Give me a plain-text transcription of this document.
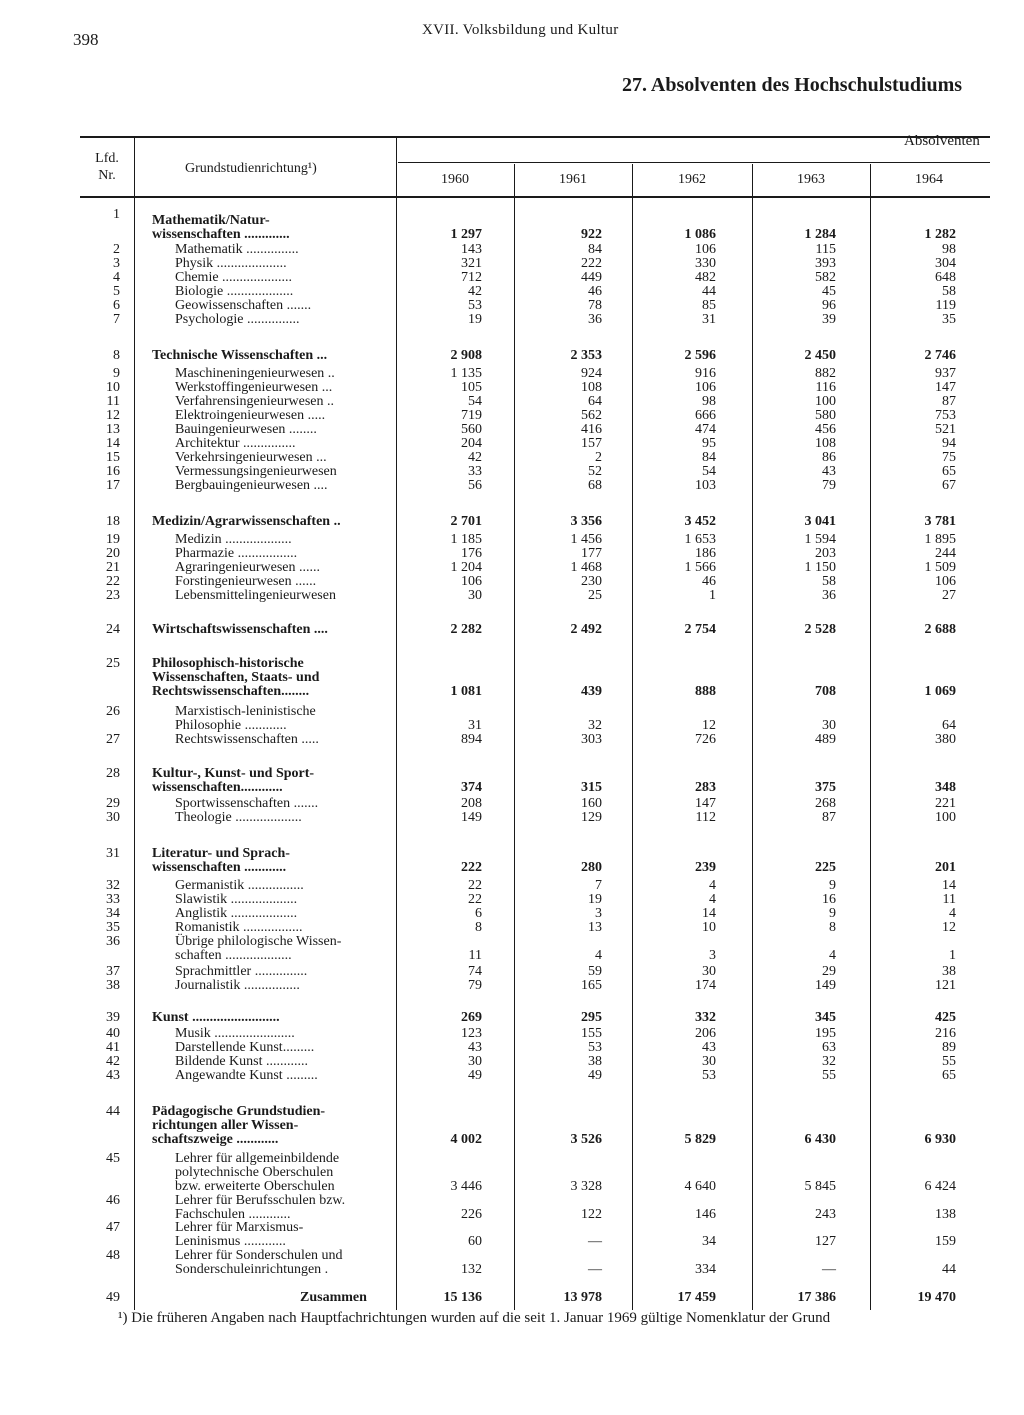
398	XVII. Volksbildung und Kultur
27. Absolventen des Hochschulstudiums
Lfd. Nr.	Grundstudienrichtung¹)
Absolventen
1960	1961	1962	1963	1964
1 Mathematik/Natur-
wissenschaften .............	1 297	922	1 086	1 284	1 282
2	Mathematik ...............	143	84	106	115	98
3	Physik ....................	321	222	330	393	304
4	Chemie ....................	712	449	482	582	648
5	Biologie ...................	42	46	44	45	58
6	Geowissenschaften .......	53	78	85	96	119
7	Psychologie ...............	19	36	31	39	35
8 Technische Wissenschaften ...	2 908	2 353	2 596	2 450	2 746
9	Maschineningenieurwesen ..	1 135	924	916	882	937
10	Werkstoffingenieurwesen ...	105	108	106	116	147
11	Verfahrensingenieurwesen ..	54	64	98	100	87
12	Elektroingenieurwesen .....	719	562	666	580	753
13	Bauingenieurwesen ........	560	416	474	456	521
14	Architektur ...............	204	157	95	108	94
15	Verkehrsingenieurwesen ...	42	2	84	86	75
16	Vermessungsingenieurwesen	33	52	54	43	65
17	Bergbauingenieurwesen ....	56	68	103	79	67
18 Medizin/Agrarwissenschaften ..	2 701	3 356	3 452	3 041	3 781
19	Medizin ...................	1 185	1 456	1 653	1 594	1 895
20	Pharmazie .................	176	177	186	203	244
21	Agraringenieurwesen ......	1 204	1 468	1 566	1 150	1 509
22	Forstingenieurwesen ......	106	230	46	58	106
23	Lebensmittelingenieurwesen	30	25	1	36	27
24 Wirtschaftswissenschaften ....	2 282	2 492	2 754	2 528	2 688
25 Philosophisch-historische
Wissenschaften, Staats- und
Rechtswissenschaften........	1 081	439	888	708	1 069
26	Marxistisch-leninistische
Philosophie ............	31	32	12	30	64
27	Rechtswissenschaften .....	894	303	726	489	380
28 Kultur-, Kunst- und Sport-
wissenschaften............	374	315	283	375	348
29	Sportwissenschaften .......	208	160	147	268	221
30	Theologie ...................	149	129	112	87	100
31 Literatur- und Sprach-
wissenschaften ............	222	280	239	225	201
32	Germanistik ................	22	7	4	9	14
33	Slawistik ...................	22	19	4	16	11
34	Anglistik ...................	6	3	14	9	4
35	Romanistik .................	8	13	10	8	12
36	Übrige philologische Wissen-
schaften ...................	11	4	3	4	1
37	Sprachmittler ...............	74	59	30	29	38
38	Journalistik ................	79	165	174	149	121
39 Kunst .........................	269	295	332	345	425
40	Musik .......................	123	155	206	195	216
41	Darstellende Kunst.........	43	53	43	63	89
42	Bildende Kunst ............	30	38	30	32	55
43	Angewandte Kunst .........	49	49	53	55	65
44 Pädagogische Grundstudien-
richtungen aller Wissen-
schaftszweige ............	4 002	3 526	5 829	6 430	6 930
45	Lehrer für allgemeinbildende
polytechnische Oberschulen
bzw. erweiterte Oberschulen	3 446	3 328	4 640	5 845	6 424
46	Lehrer für Berufsschulen bzw.
Fachschulen ............	226	122	146	243	138
47	Lehrer für Marxismus-
Leninismus ............	60	—	34	127	159
48	Lehrer für Sonderschulen und
Sonderschuleinrichtungen .	132	—	334	—	44
49	Zusammen	15 136	13 978	17 459	17 386	19 470
¹) Die früheren Angaben nach Hauptfachrichtungen wurden auf die seit 1. Januar 1969 gültige Nomenklatur der Grund
